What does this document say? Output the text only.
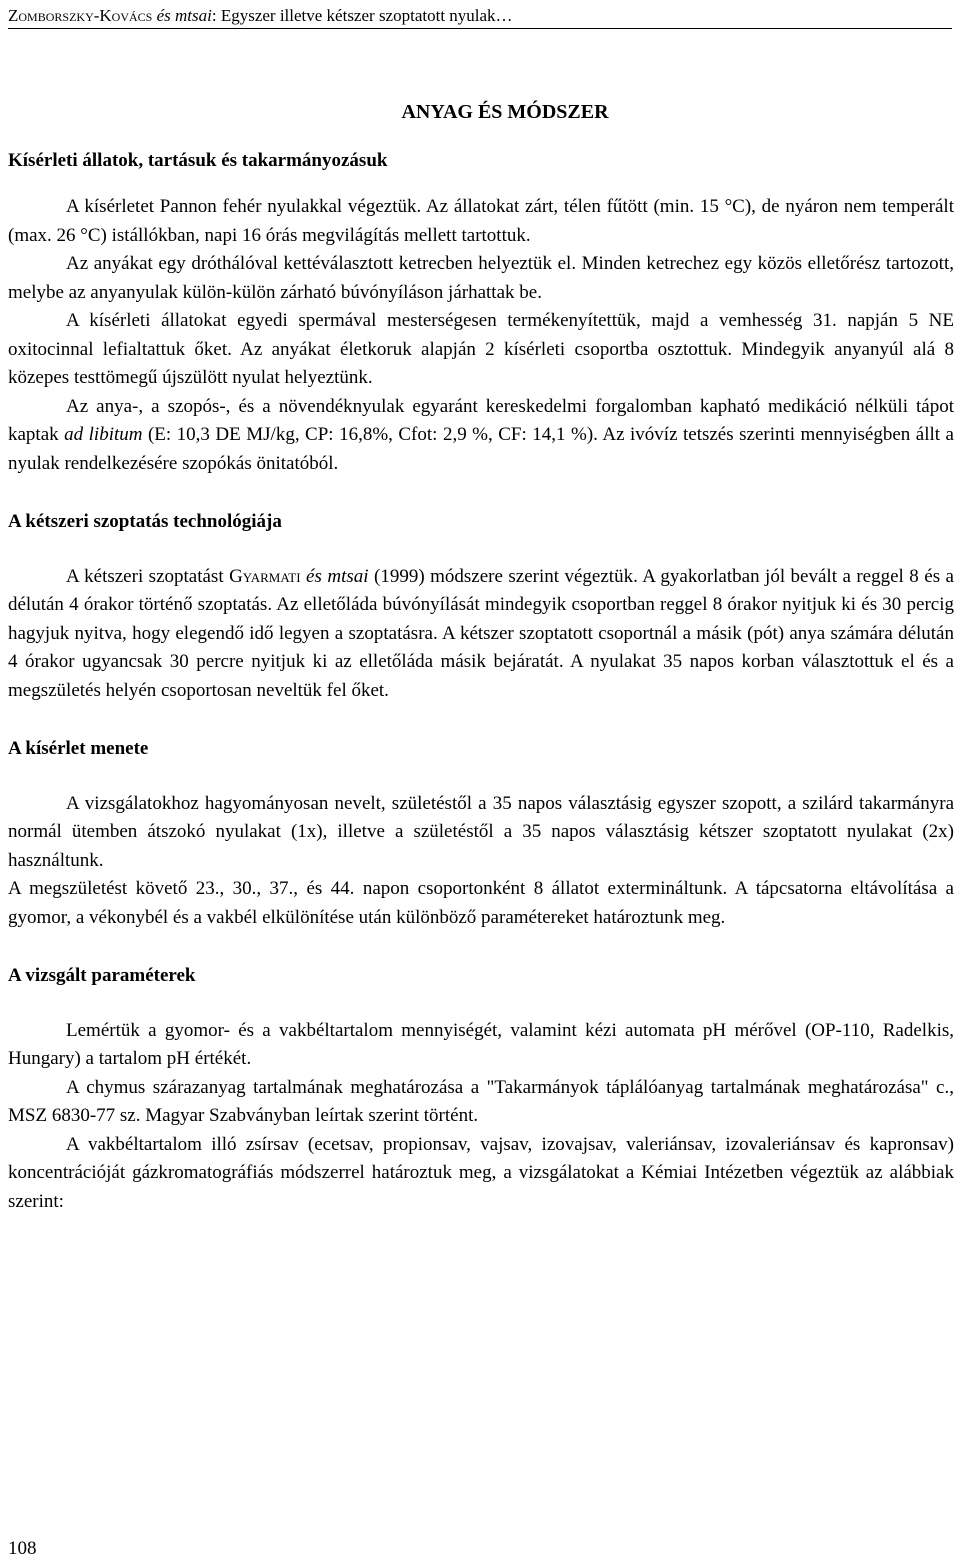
Zomborszky-Kovács és mtsai: Egyszer illetve kétszer szoptatott nyulak…
ANYAG ÉS MÓDSZER
Kísérleti állatok, tartásuk és takarmányozásuk

A kísérletet Pannon fehér nyulakkal végeztük. Az állatokat zárt, télen fűtött (min. 15 °C), de nyáron nem temperált (max. 26 °C) istállókban, napi 16 órás megvilágítás mellett tartottuk.

Az anyákat egy dróthálóval kettéválasztott ketrecben helyeztük el. Minden ketrechez egy közös elletőrész tartozott, melybe az anyanyulak külön-külön zárható búvónyíláson járhattak be.

A kísérleti állatokat egyedi spermával mesterségesen termékenyítettük, majd a vemhesség 31. napján 5 NE oxitocinnal lefialtattuk őket. Az anyákat életkoruk alapján 2 kísérleti csoportba osztottuk. Mindegyik anyanyúl alá 8 közepes testtömegű újszülött nyulat helyeztünk.

Az anya-, a szopós-, és a növendéknyulak egyaránt kereskedelmi forgalomban kapható medikáció nélküli tápot kaptak ad libitum (E: 10,3 DE MJ/kg, CP: 16,8%, Cfot: 2,9 %, CF: 14,1 %). Az ivóvíz tetszés szerinti mennyiségben állt a nyulak rendelkezésére szopókás önitatóból.

A kétszeri szoptatás technológiája

A kétszeri szoptatást Gyarmati és mtsai (1999) módszere szerint végeztük. A gyakorlatban jól bevált a reggel 8 és a délután 4 órakor történő szoptatás. Az elletőláda búvónyílását mindegyik csoportban reggel 8 órakor nyitjuk ki és 30 percig hagyjuk nyitva, hogy elegendő idő legyen a szoptatásra. A kétszer szoptatott csoportnál a másik (pót) anya számára délután 4 órakor ugyancsak 30 percre nyitjuk ki az elletőláda másik bejáratát. A nyulakat 35 napos korban választottuk el és a megszületés helyén csoportosan neveltük fel őket.

A kísérlet menete

A vizsgálatokhoz hagyományosan nevelt, születéstől a 35 napos választásig egyszer szopott, a szilárd takarmányra normál ütemben átszokó nyulakat (1x), illetve a születéstől a 35 napos választásig kétszer szoptatott nyulakat (2x) használtunk.

A megszületést követő 23., 30., 37., és 44. napon csoportonként 8 állatot extermináltunk. A tápcsatorna eltávolítása a gyomor, a vékonybél és a vakbél elkülönítése után különböző paramétereket határoztunk meg.

A vizsgált paraméterek

Lemértük a gyomor- és a vakbéltartalom mennyiségét, valamint kézi automata pH mérővel (OP-110, Radelkis, Hungary) a tartalom pH értékét.

A chymus szárazanyag tartalmának meghatározása a "Takarmányok táplálóanyag tartalmának meghatározása" c., MSZ 6830-77 sz. Magyar Szabványban leírtak szerint történt.

A vakbéltartalom illó zsírsav (ecetsav, propionsav, vajsav, izovajsav, valeriánsav, izovaleriánsav és kapronsav) koncentrációját gázkromatográfiás módszerrel határoztuk meg, a vizsgálatokat a Kémiai Intézetben végeztük az alábbiak szerint:

108
